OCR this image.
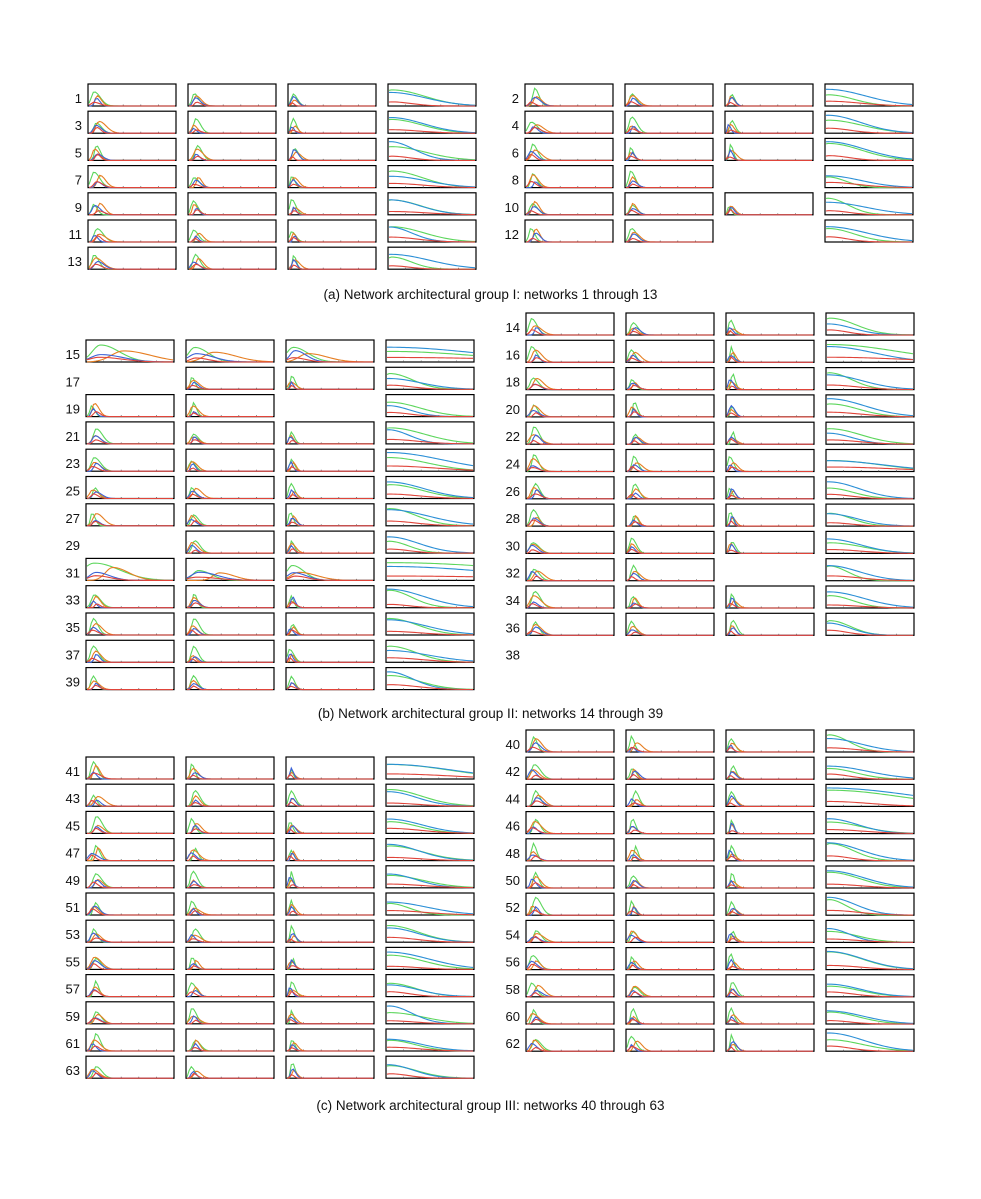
1
3
5
7
9
11
13
2
4
6
8
10
12
15
17
19
21
23
25
27
29
31
33
35
37
39
14
16
18
20
22
24
26
28
30
32
34
36
38
41
43
45
47
49
51
53
55
57
59
61
63
40
42
44
46
48
50
52
54
56
58
60
62
(a) Network architectural group I: networks 1 through 13
(b) Network architectural group II: networks 14 through 39
(c) Network architectural group III: networks 40 through 63
